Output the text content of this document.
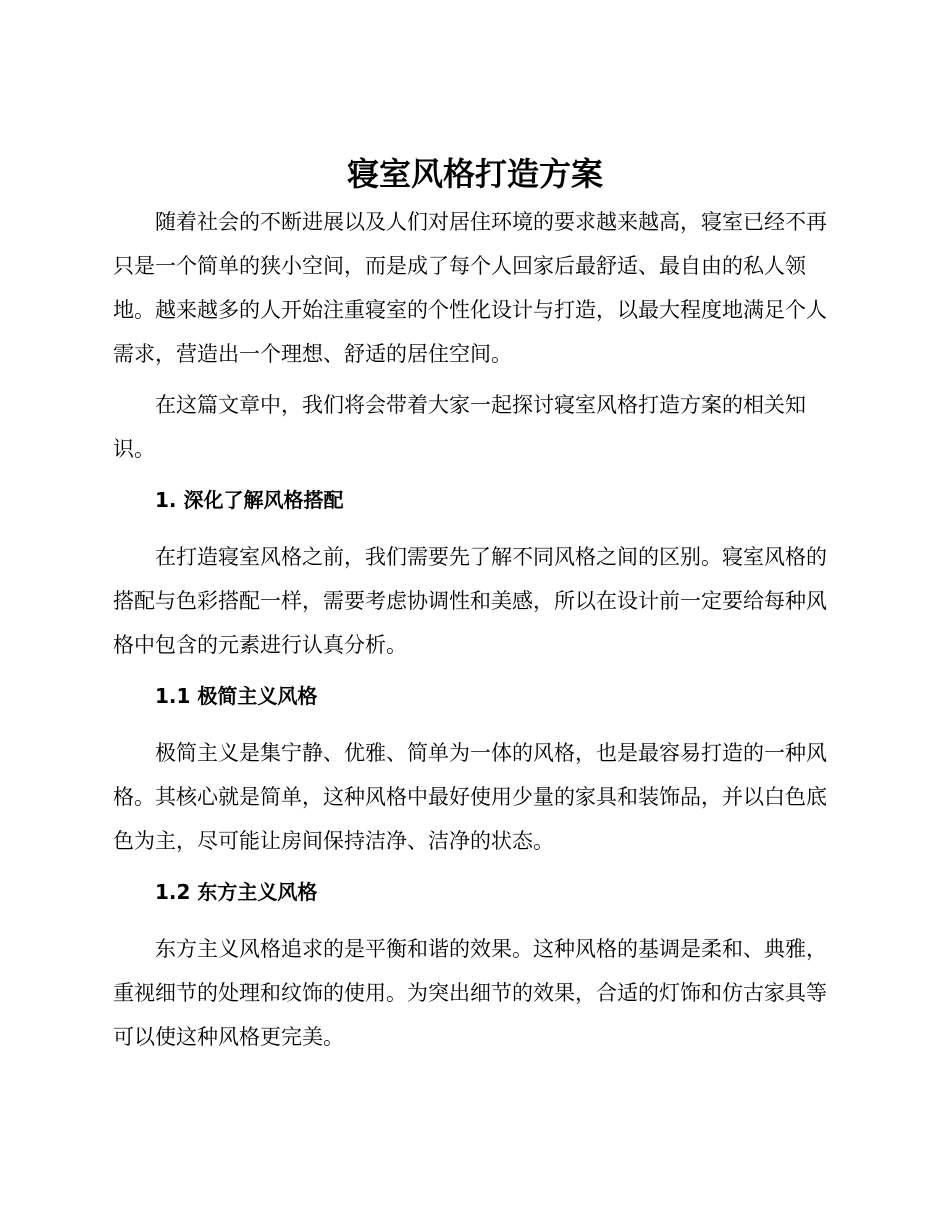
寝室风格打造方案

随着社会的不断进展以及人们对居住环境的要求越来越高，寝室已经不再只是一个简单的狭小空间，而是成了每个人回家后最舒适、最自由的私人领地。越来越多的人开始注重寝室的个性化设计与打造，以最大程度地满足个人需求，营造出一个理想、舒适的居住空间。

在这篇文章中，我们将会带着大家一起探讨寝室风格打造方案的相关知识。

1. 深化了解风格搭配

在打造寝室风格之前，我们需要先了解不同风格之间的区别。寝室风格的搭配与色彩搭配一样，需要考虑协调性和美感，所以在设计前一定要给每种风格中包含的元素进行认真分析。

1.1 极简主义风格

极简主义是集宁静、优雅、简单为一体的风格，也是最容易打造的一种风格。其核心就是简单，这种风格中最好使用少量的家具和装饰品，并以白色底色为主，尽可能让房间保持洁净、洁净的状态。

1.2 东方主义风格

东方主义风格追求的是平衡和谐的效果。这种风格的基调是柔和、典雅，重视细节的处理和纹饰的使用。为突出细节的效果，合适的灯饰和仿古家具等可以使这种风格更完美。
